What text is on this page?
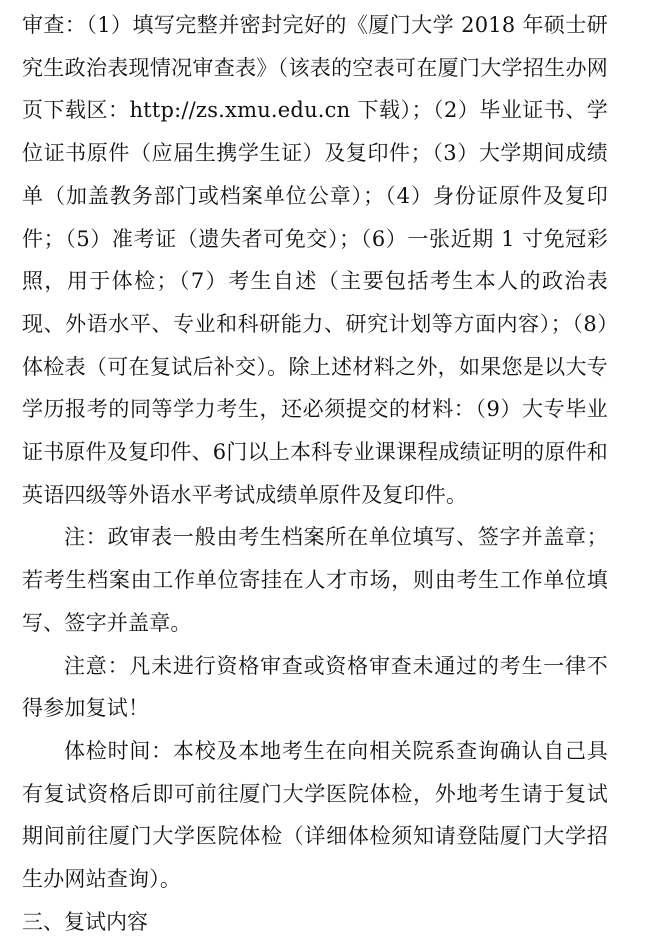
审查：（1）填写完整并密封完好的《厦门大学 2018 年硕士研究生政治表现情况审查表》（该表的空表可在厦门大学招生办网页下载区：http://zs.xmu.edu.cn 下载）；（2）毕业证书、学位证书原件（应届生携学生证）及复印件；（3）大学期间成绩单（加盖教务部门或档案单位公章）；（4）身份证原件及复印件；（5）准考证（遗失者可免交）；（6）一张近期 1 寸免冠彩照，用于体检；（7）考生自述（主要包括考生本人的政治表现、外语水平、专业和科研能力、研究计划等方面内容）；（8）体检表（可在复试后补交）。除上述材料之外，如果您是以大专学历报考的同等学力考生，还必须提交的材料：（9）大专毕业证书原件及复印件、6门以上本科专业课课程成绩证明的原件和英语四级等外语水平考试成绩单原件及复印件。

注：政审表一般由考生档案所在单位填写、签字并盖章；若考生档案由工作单位寄挂在人才市场，则由考生工作单位填写、签字并盖章。

注意：凡未进行资格审查或资格审查未通过的考生一律不得参加复试！

体检时间：本校及本地考生在向相关院系查询确认自己具有复试资格后即可前往厦门大学医院体检，外地考生请于复试期间前往厦门大学医院体检（详细体检须知请登陆厦门大学招生办网站查询）。

三、复试内容
